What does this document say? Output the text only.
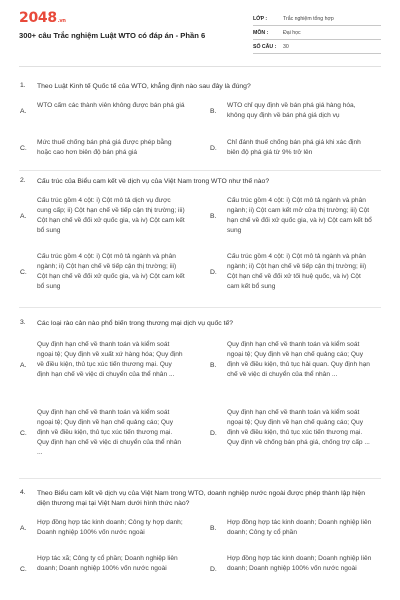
2048.vn
300+ câu Trắc nghiệm Luật WTO có đáp án - Phần 6
LỚP :	Trắc nghiệm tổng hợp
MÔN :	Đại học
SỐ CÂU : 30
1. Theo Luật Kinh tế Quốc tế của WTO, khẳng định nào sau đây là đúng?
A.
WTO cấm các thành viên không được bán phá giá
B.
WTO chỉ quy định về bán phá giá hàng hóa, không quy định về bán phá giá dịch vụ
C.
Mức thuế chống bán phá giá được phép bằng hoặc cao hơn biên độ bán phá giá
D.
Chỉ đánh thuế chống bán phá giá khi xác định biên độ phá giá từ 9% trở lên
2. Cấu trúc của Biểu cam kết về dịch vụ của Việt Nam trong WTO như thế nào?
A.
Cấu trúc gồm 4 cột: i) Cột mô tả dịch vụ được cung cấp; ii) Cột hạn chế về tiếp cận thị trường; iii) Cột hạn chế về đối xử quốc gia, và iv) Cột cam kết bổ sung
B.
Cấu trúc gồm 4 cột: i) Cột mô tả ngành và phân ngành; ii) Cột cam kết mở cửa thị trường; iii) Cột hạn chế về đối xử quốc gia, và iv) Cột cam kết bổ sung
C.
Cấu trúc gồm 4 cột: i) Cột mô tả ngành và phân ngành; ii) Cột hạn chế về tiếp cận thị trường; iii) Cột hạn chế về đối xử quốc gia, và iv) Cột cam kết bổ sung
D.
Cấu trúc gồm 4 cột: i) Cột mô tả ngành và phân ngành; ii) Cột hạn chế về tiếp cận thị trường; iii) Cột hạn chế về đối xử tối huệ quốc, và iv) Cột cam kết bổ sung
3. Các loại rào cản nào phổ biến trong thương mại dịch vụ quốc tế?
A.
Quy định hạn chế về thanh toán và kiểm soát ngoại tệ; Quy định về xuất xứ hàng hóa; Quy định về điều kiện, thủ tục xúc tiến thương mại. Quy định hạn chế về việc di chuyển của thể nhân ...
B.
Quy định hạn chế về thanh toán và kiểm soát ngoại tệ; Quy định về hạn chế quảng cáo; Quy định về điều kiện, thủ tục hải quan. Quy định hạn chế về việc di chuyển của thể nhân ...
C.
Quy định hạn chế về thanh toán và kiểm soát ngoại tệ; Quy định về hạn chế quảng cáo; Quy định về điều kiện, thủ tục xúc tiến thương mại. Quy định hạn chế về việc di chuyển của thể nhân ...
D.
Quy định hạn chế về thanh toán và kiểm soát ngoại tệ; Quy định về hạn chế quảng cáo; Quy định về điều kiện, thủ tục xúc tiến thương mại. Quy định về chống bán phá giá, chống trợ cấp ...
4. Theo Biểu cam kết về dịch vụ của Việt Nam trong WTO, doanh nghiệp nước ngoài được phép thành lập hiện diện thương mại tại Việt Nam dưới hình thức nào?
A.
Hợp đồng hợp tác kinh doanh; Công ty hợp danh; Doanh nghiệp 100% vốn nước ngoài
B.
Hợp đồng hợp tác kinh doanh; Doanh nghiệp liên doanh; Công ty cổ phần
C.
Hợp tác xã; Công ty cổ phần; Doanh nghiệp liên doanh; Doanh nghiệp 100% vốn nước ngoài	D.
Hợp đồng hợp tác kinh doanh; Doanh nghiệp liên doanh; Doanh nghiệp 100% vốn nước ngoài
